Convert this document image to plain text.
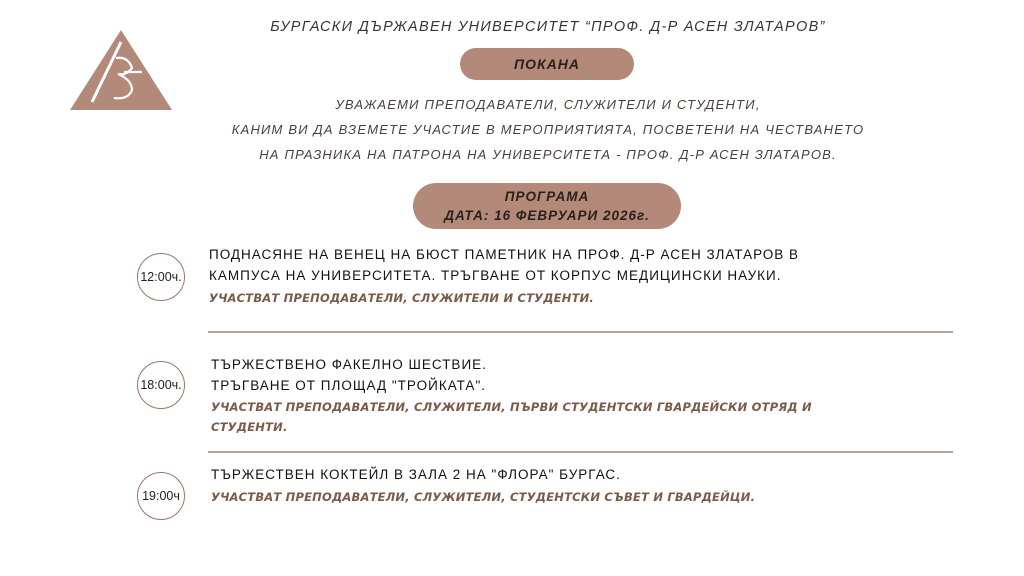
БУРГАСКИ ДЪРЖАВЕН УНИВЕРСИТЕТ “ПРОФ. Д-Р АСЕН ЗЛАТАРОВ”
ПОКАНА
УВАЖАЕМИ ПРЕПОДАВАТЕЛИ, СЛУЖИТЕЛИ И СТУДЕНТИ,
КАНИМ ВИ ДА ВЗЕМЕТЕ УЧАСТИЕ В МЕРОПРИЯТИЯТА, ПОСВЕТЕНИ НА ЧЕСТВАНЕТО
НА ПРАЗНИКА НА ПАТРОНА НА УНИВЕРСИТЕТА - ПРОФ. Д-Р АСЕН ЗЛАТАРОВ.
ПРОГРАМА
ДАТА: 16 ФЕВРУАРИ 2026г.
12:00ч.
ПОДНАСЯНЕ НА ВЕНЕЦ НА БЮСТ ПАМЕТНИК НА ПРОФ. Д-Р АСЕН ЗЛАТАРОВ В
КАМПУСА НА УНИВЕРСИТЕТА. ТРЪГВАНЕ ОТ КОРПУС МЕДИЦИНСКИ НАУКИ.
УЧАСТВАТ ПРЕПОДАВАТЕЛИ, СЛУЖИТЕЛИ И СТУДЕНТИ.
18:00ч.
ТЪРЖЕСТВЕНО ФАКЕЛНО ШЕСТВИЕ.
ТРЪГВАНЕ ОТ ПЛОЩАД "ТРОЙКАТА".
УЧАСТВАТ ПРЕПОДАВАТЕЛИ, СЛУЖИТЕЛИ, ПЪРВИ СТУДЕНТСКИ ГВАРДЕЙСКИ ОТРЯД И
СТУДЕНТИ.
19:00ч
ТЪРЖЕСТВЕН КОКТЕЙЛ В ЗАЛА 2 НА "ФЛОРА" БУРГАС.
УЧАСТВАТ ПРЕПОДАВАТЕЛИ, СЛУЖИТЕЛИ, СТУДЕНТСКИ СЪВЕТ И ГВАРДЕЙЦИ.
